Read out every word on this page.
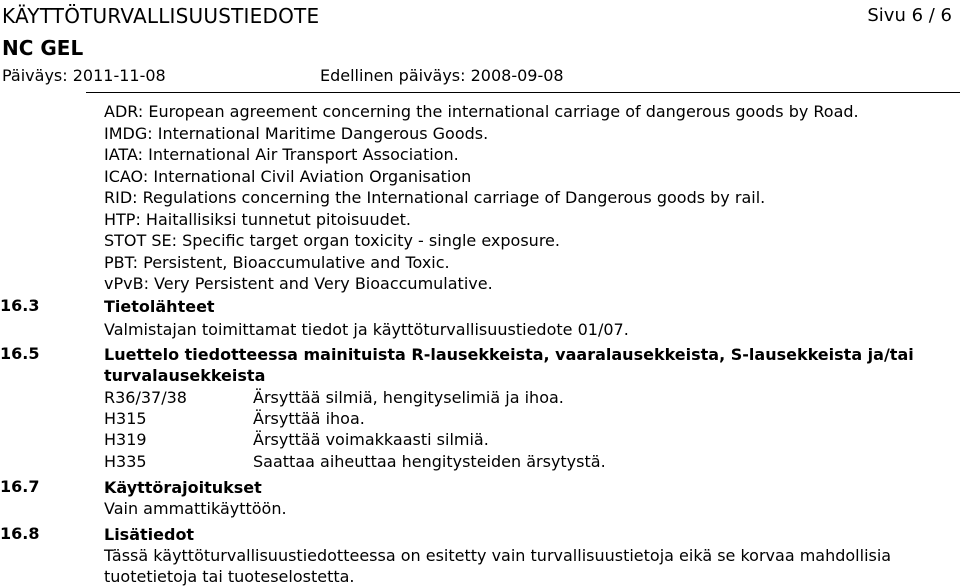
KÄYTTÖTURVALLISUUSTIEDOTE	Sivu 6 / 6
NC GEL
Päiväys: 2011-11-08	Edellinen päiväys: 2008-09-08
ADR: European agreement concerning the international carriage of dangerous goods by Road.
IMDG: International Maritime Dangerous Goods.
IATA: International Air Transport Association.
ICAO: International Civil Aviation Organisation
RID: Regulations concerning the International carriage of Dangerous goods by rail.
HTP: Haitallisiksi tunnetut pitoisuudet.
STOT SE: Specific target organ toxicity - single exposure.
PBT: Persistent, Bioaccumulative and Toxic.
vPvB: Very Persistent and Very Bioaccumulative.
16.3	Tietolähteet
Valmistajan toimittamat tiedot ja käyttöturvallisuustiedote 01/07.
16.5	Luettelo tiedotteessa mainituista R-lausekkeista, vaaralausekkeista, S-lausekkeista ja/tai turvalausekkeista
R36/37/38	Ärsyttää silmiä, hengityselimiä ja ihoa.
H315	Ärsyttää ihoa.
H319	Ärsyttää voimakkaasti silmiä.
H335	Saattaa aiheuttaa hengitysteiden ärsytystä.
16.7	Käyttörajoitukset
Vain ammattikäyttöön.
16.8	Lisätiedot
Tässä käyttöturvallisuustiedotteessa on esitetty vain turvallisuustietoja eikä se korvaa mahdollisia tuotetietoja tai tuoteselostetta.
